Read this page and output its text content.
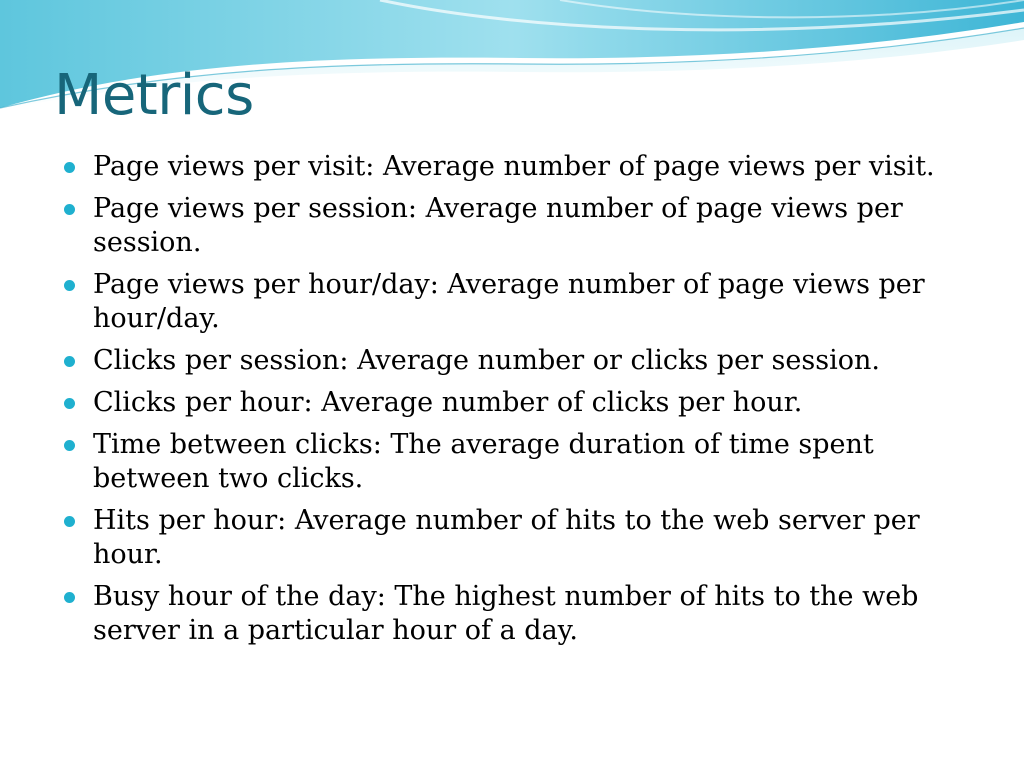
Metrics
Page views per visit: Average number of page views per visit.
Page views per session: Average number of page views per session.
Page views per hour/day: Average number of page views per hour/day.
Clicks per session: Average number or clicks per session.
Clicks per hour: Average number of clicks per hour.
Time between clicks: The average duration of time spent between two clicks.
Hits per hour: Average number of hits to the web server per hour.
Busy hour of the day: The highest number of hits to the web server in a particular hour of a day.
